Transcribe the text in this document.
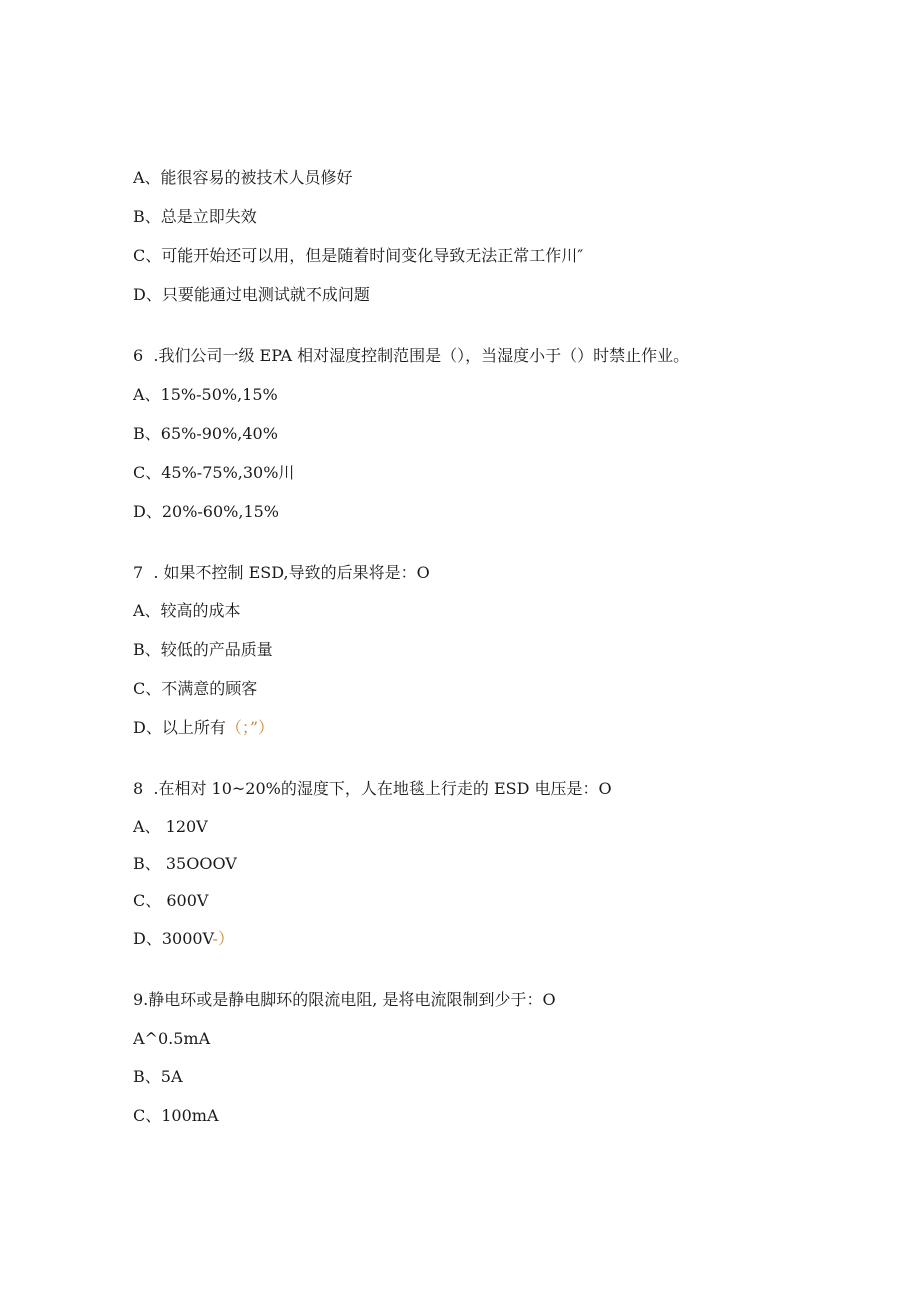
A、能很容易的被技术人员修好
B、总是立即失效
C、可能开始还可以用，但是随着时间变化导致无法正常工作川″
D、只要能通过电测试就不成问题
6  .我们公司一级 EPA 相对湿度控制范围是（），当湿度小于（）时禁止作业。
A、15%-50%,15%
B、65%-90%,40%
C、45%-75%,30%川
D、20%-60%,15%
7  . 如果不控制 ESD,导致的后果将是：O
A、较高的成本
B、较低的产品质量
C、不满意的顾客
D、以上所有（；”）
8  .在相对 10~20%的湿度下，人在地毯上行走的 ESD 电压是：O
A、 120V
B、 35OOOV
C、 600V
D、3000V-）
9.静电环或是静电脚环的限流电阻, 是将电流限制到少于：O
A^0.5mA
B、5A
C、100mA
